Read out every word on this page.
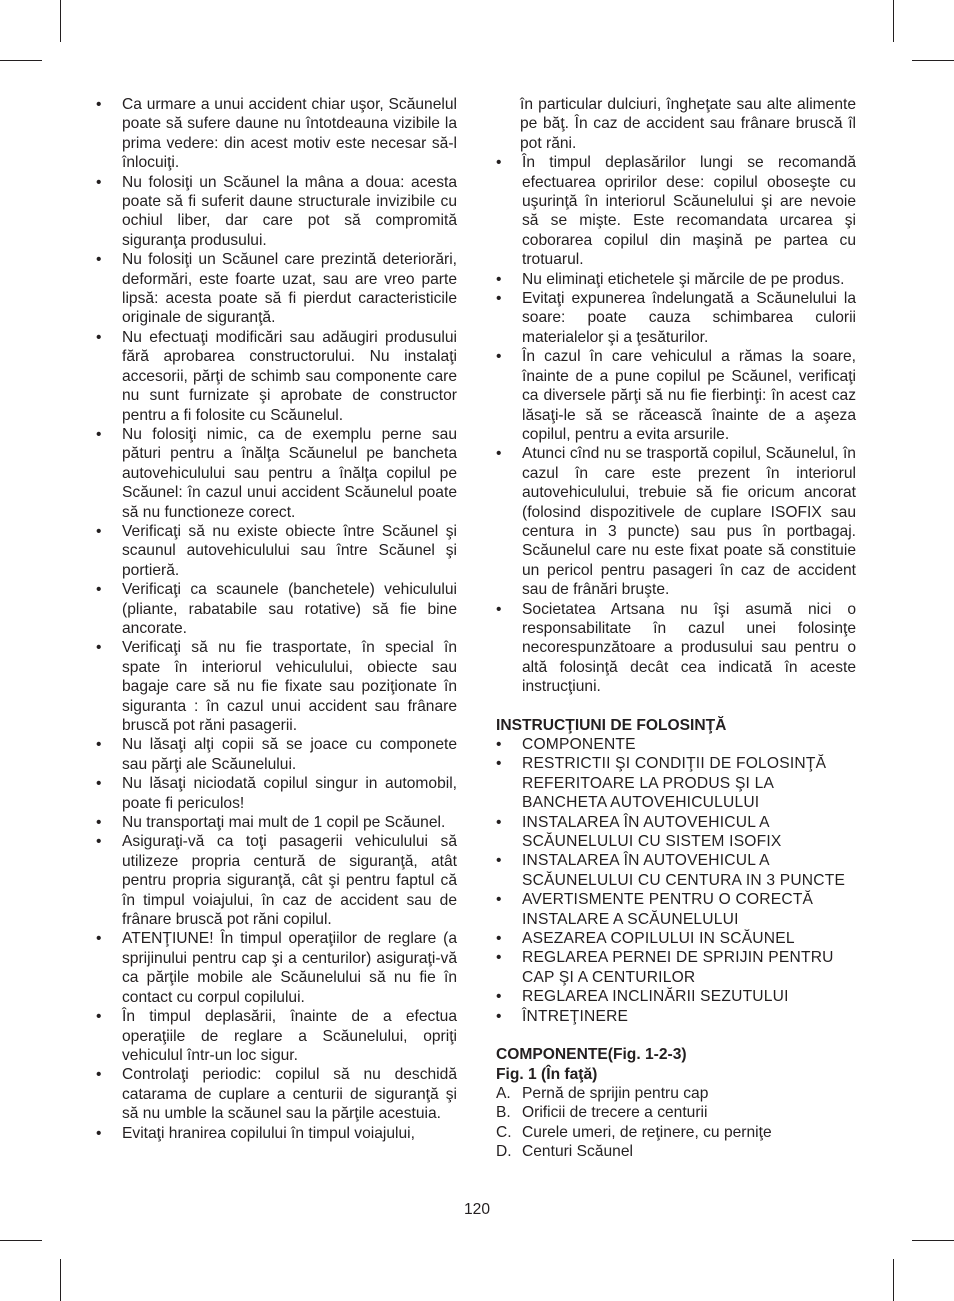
• Ca urmare a unui accident chiar uşor, Scăunelul poate să sufere daune nu întotdeauna vizibile la prima vedere: din acest motiv este necesar să-l înlocuiţi.
• Nu folosiţi un Scăunel la mâna a doua: acesta poate să fi suferit daune structurale invizibile cu ochiul liber, dar care pot să compromită siguranţa produsului.
• Nu folosiţi un Scăunel care prezintă deteriorări, deformări, este foarte uzat, sau are vreo parte lipsă: acesta poate să fi pierdut caracteristicile originale de siguranţă.
• Nu efectuaţi modificări sau adăugiri produsului fără aprobarea constructorului. Nu instalaţi accesorii, părţi de schimb sau componente care nu sunt furnizate şi aprobate de constructor pentru a fi folosite cu Scăunelul.
• Nu folosiţi nimic, ca de exemplu perne sau pături pentru a înălţa Scăunelul pe bancheta autovehiculului sau pentru a înălţa copilul pe Scăunel: în cazul unui accident Scăunelul poate să nu functioneze corect.
• Verificaţi să nu existe obiecte între Scăunel şi scaunul autovehiculului sau între Scăunel şi portieră.
• Verificaţi ca scaunele (banchetele) vehiculului (pliante, rabatabile sau rotative) să fie bine ancorate.
• Verificaţi să nu fie trasportate, în special în spate în interiorul vehiculului, obiecte sau bagaje care să nu fie fixate sau poziţionate în siguranta : în cazul unui accident sau frânare bruscă pot răni pasagerii.
• Nu lăsaţi alţi copii să se joace cu componete sau părţi ale Scăunelului.
• Nu lăsaţi niciodată copilul singur in automobil, poate fi periculos!
• Nu transportaţi mai mult de 1 copil pe Scăunel.
• Asiguraţi-vă ca toţi pasagerii vehiculului să utilizeze propria centură de siguranţă, atât pentru propria siguranţă, cât şi pentru faptul că în timpul voiajului, în caz de accident sau de frânare bruscă pot răni copilul.
• ATENŢIUNE! În timpul operaţiilor de reglare (a sprijinului pentru cap şi a centurilor) asiguraţi-vă ca părţile mobile ale Scăunelului să nu fie în contact cu corpul copilului.
• În timpul deplasării, înainte de a efectua operaţiile de reglare a Scăunelului, opriţi vehiculul într-un loc sigur.
• Controlaţi periodic: copilul să nu deschidă catarama de cuplare a centurii de siguranţă şi să nu umble la scăunel sau la părţile acestuia.
• Evitaţi hranirea copilului în timpul voiajului,
în particular dulciuri, îngheţate sau alte alimente pe băţ. În caz de accident sau frânare bruscă îl pot răni.
• În timpul deplasărilor lungi se recomandă efectuarea opririlor dese: copilul oboseşte cu uşurinţă în interiorul Scăunelului şi are nevoie să se mişte. Este recomandata urcarea şi coborarea copilul din maşină pe partea cu trotuarul.
• Nu eliminaţi etichetele şi mărcile de pe produs.
• Evitaţi expunerea îndelungată a Scăunelului la soare: poate cauza schimbarea culorii materialelor şi a ţesăturilor.
• În cazul în care vehiculul a rămas la soare, înainte de a pune copilul pe Scăunel, verificaţi ca diversele părţi să nu fie fierbinţi: în acest caz lăsaţi-le să se răcească înainte de a aşeza copilul, pentru a evita arsurile.
• Atunci cînd nu se trasportă copilul, Scăunelul, în cazul în care este prezent în interiorul autovehiculului, trebuie să fie oricum ancorat (folosind dispozitivele de cuplare ISOFIX sau centura in 3 puncte) sau pus în portbagaj. Scăunelul care nu este fixat poate să constituie un pericol pentru pasageri în caz de accident sau de frânări bruşte.
• Societatea Artsana nu îşi asumă nici o responsabilitate în cazul unei folosinţe necorespunzătoare a produsului sau pentru o altă folosinţă decât cea indicată în aceste instrucţiuni.
INSTRUCŢIUNI DE FOLOSINŢĂ
• COMPONENTE
• RESTRICTII ŞI CONDIŢII DE FOLOSINŢĂ REFERITOARE LA PRODUS ŞI LA BANCHETA AUTOVEHICULULUI
• INSTALAREA ÎN AUTOVEHICUL A SCĂUNELULUI CU SISTEM ISOFIX
• INSTALAREA ÎN AUTOVEHICUL A SCĂUNELULUI CU CENTURA IN 3 PUNCTE
• AVERTISMENTE PENTRU O CORECTĂ INSTALARE A SCĂUNELULUI
• ASEZAREA COPILULUI IN SCĂUNEL
• REGLAREA PERNEI DE SPRIJIN PENTRU CAP ŞI A CENTURILOR
• REGLAREA INCLINĂRII SEZUTULUI
• ÎNTREŢINERE
COMPONENTE(Fig. 1-2-3)
Fig. 1 (În faţă)
A. Pernă de sprijin pentru cap
B. Orificii de trecere a centurii
C. Curele umeri, de reţinere, cu perniţe
D. Centuri Scăunel
120
